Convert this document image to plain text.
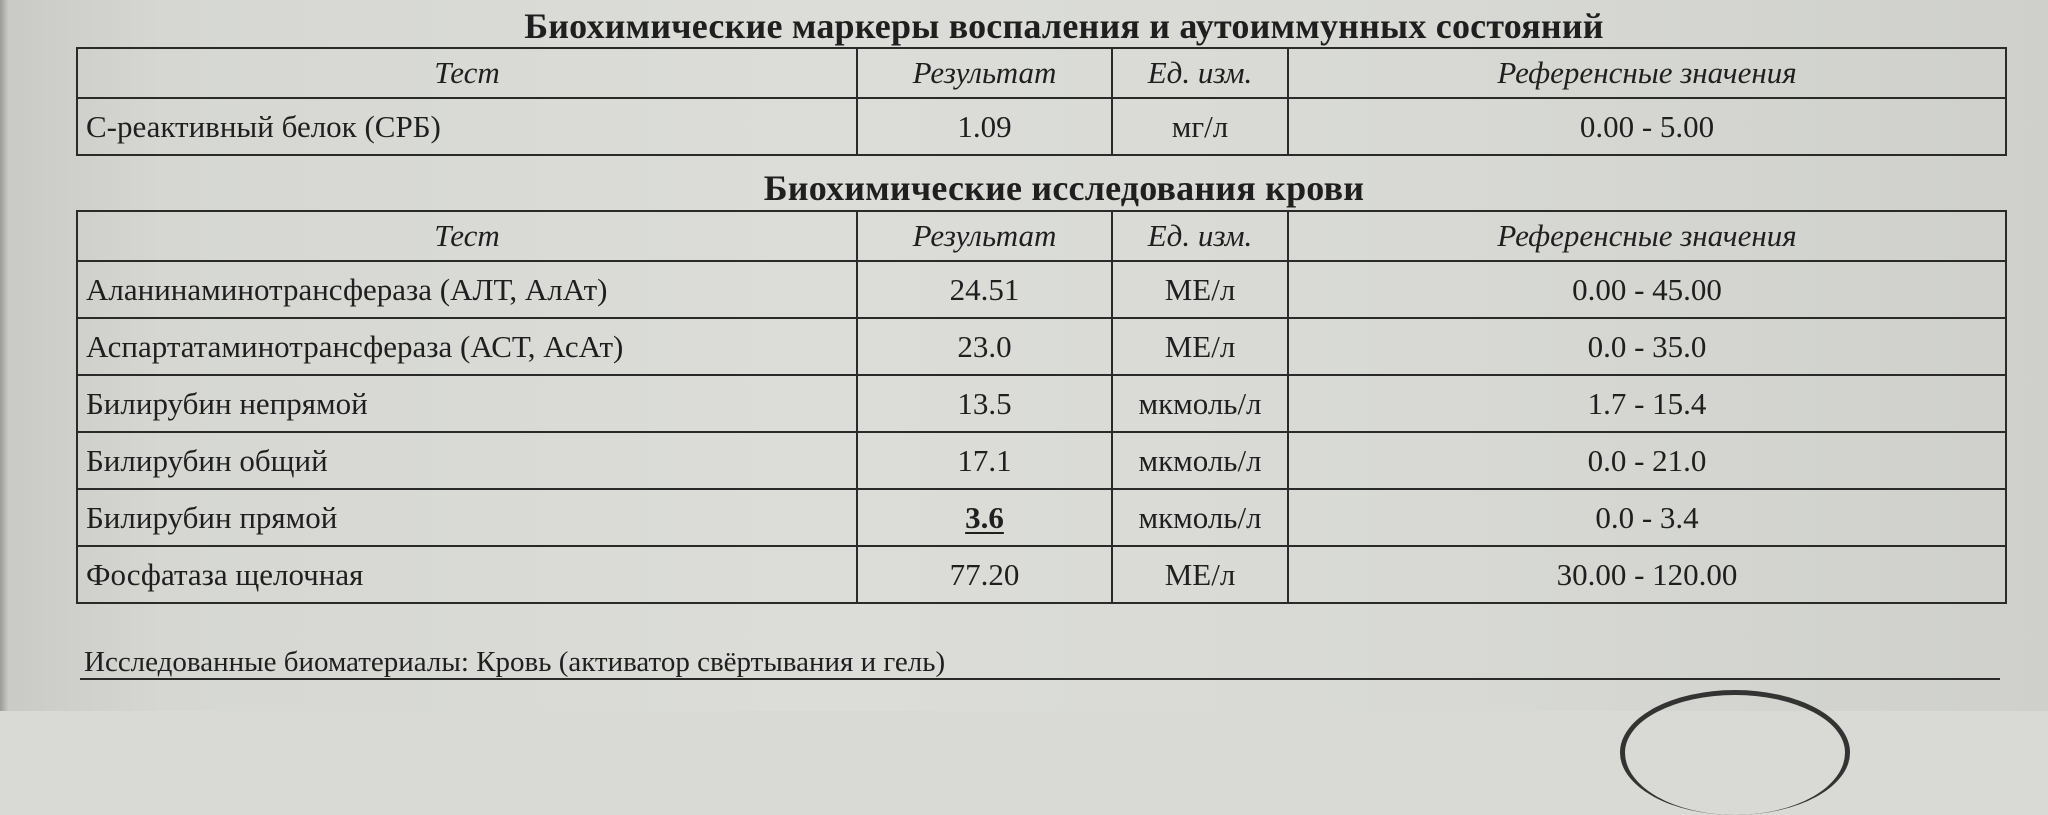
Биохимические маркеры воспаления и аутоиммунных состояний
Тест	Результат	Ед. изм.	Референсные значения
С-реактивный белок (СРБ)	1.09	мг/л	0.00 - 5.00
Биохимические исследования крови
Тест	Результат	Ед. изм.	Референсные значения
Аланинаминотрансфераза (АЛТ, АлАт)	24.51	МЕ/л	0.00 - 45.00
Аспартатаминотрансфераза (АСТ, АсАт)	23.0	МЕ/л	0.0 - 35.0
Билирубин непрямой	13.5	мкмоль/л	1.7 - 15.4
Билирубин общий	17.1	мкмоль/л	0.0 - 21.0
Билирубин прямой	3.6	мкмоль/л	0.0 - 3.4
Фосфатаза щелочная	77.20	МЕ/л	30.00 - 120.00
Исследованные биоматериалы: Кровь (активатор свёртывания и гель)
